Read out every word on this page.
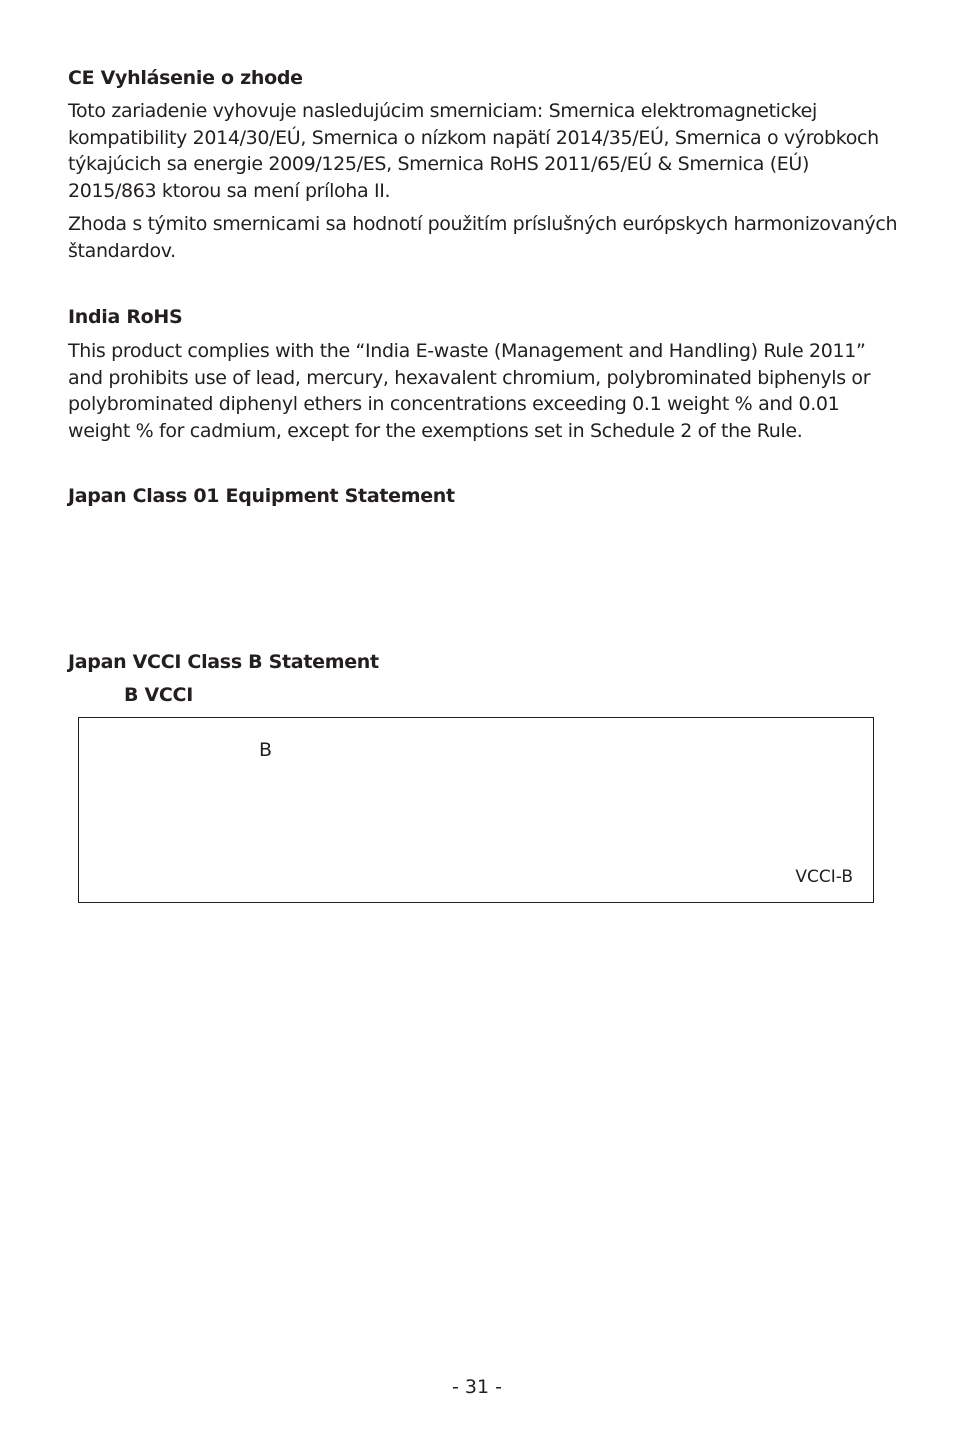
CE Vyhlásenie o zhode

Toto zariadenie vyhovuje nasledujúcim smerniciam: Smernica elektromagnetickej kompatibility 2014/30/EÚ, Smernica o nízkom napätí 2014/35/EÚ, Smernica o výrobkoch týkajúcich sa energie 2009/125/ES, Smernica RoHS 2011/65/EÚ & Smernica (EÚ) 2015/863 ktorou sa mení príloha II.

Zhoda s týmito smernicami sa hodnotí použitím príslušných európskych harmonizovaných štandardov.

India RoHS

This product complies with the “India E-waste (Management and Handling) Rule 2011” and prohibits use of lead, mercury, hexavalent chromium, polybrominated biphenyls or polybrominated diphenyl ethers in concentrations exceeding 0.1 weight % and 0.01 weight % for cadmium, except for the exemptions set in Schedule 2 of the Rule.

Japan Class 01 Equipment Statement

Japan VCCI Class B Statement

B VCCI

B
VCCI-B
- 31 -
